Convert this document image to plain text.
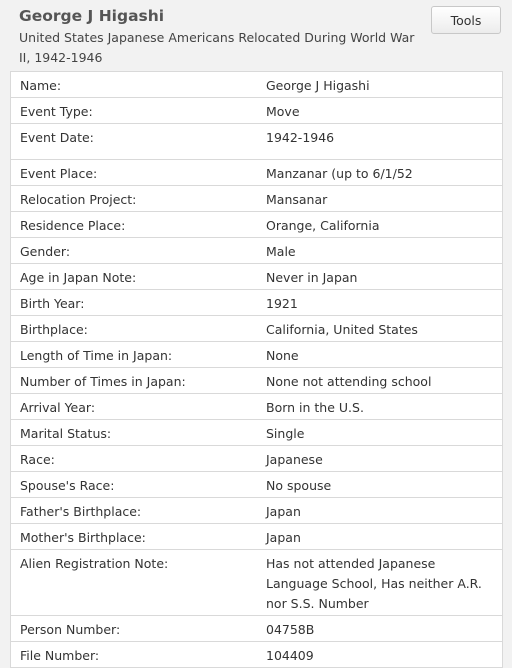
George J Higashi
United States Japanese Americans Relocated During World War II, 1942-1946
Tools
Name:	George J Higashi
Event Type:	Move
Event Date:	1942-1946
Event Place:	Manzanar (up to 6/1/52
Relocation Project:	Mansanar
Residence Place:	Orange, California
Gender:	Male
Age in Japan Note:	Never in Japan
Birth Year:	1921
Birthplace:	California, United States
Length of Time in Japan:	None
Number of Times in Japan:	None not attending school
Arrival Year:	Born in the U.S.
Marital Status:	Single
Race:	Japanese
Spouse's Race:	No spouse
Father's Birthplace:	Japan
Mother's Birthplace:	Japan
Alien Registration Note:	Has not attended Japanese Language School, Has neither A.R. nor S.S. Number
Person Number:	04758B
File Number:	104409
